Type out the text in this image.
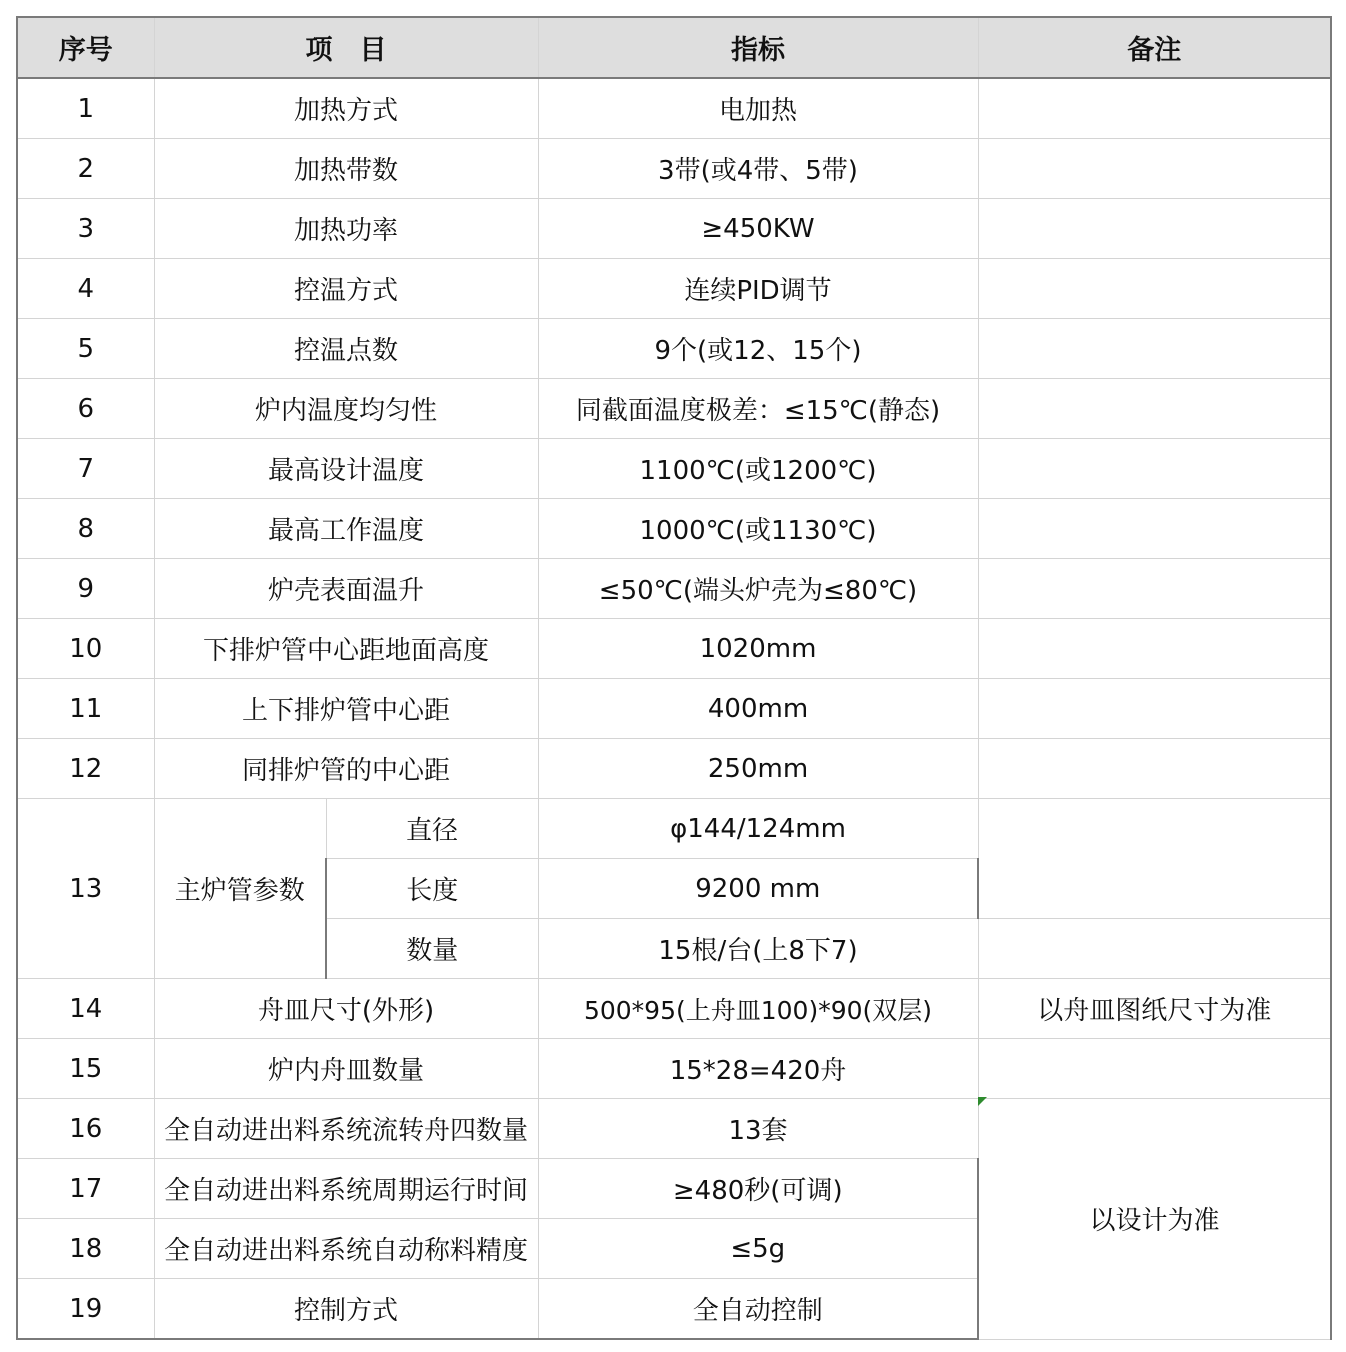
序号	项　目		指标	备注
1	加热方式		电加热	
2	加热带数		3带(或4带、5带)	
3	加热功率		≥450KW	
4	控温方式		连续PID调节	
5	控温点数		9个(或12、15个)	
6	炉内温度均匀性		同截面温度极差：≤15℃(静态)	
7	最高设计温度		1100℃(或1200℃)	
8	最高工作温度		1000℃(或1130℃)	
9	炉壳表面温升		≤50℃(端头炉壳为≤80℃)	
10	下排炉管中心距地面高度		1020mm	
11	上下排炉管中心距		400mm	
12	同排炉管的中心距		250mm	
13	主炉管参数	直径	φ144/124mm	
		长度	9200 mm	
		数量	15根/台(上8下7)	
14	舟皿尺寸(外形)		500*95(上舟皿100)*90(双层)	以舟皿图纸尺寸为准
15	炉内舟皿数量		15*28=420舟	
16	全自动进出料系统流转舟四数量		13套	以设计为准
17	全自动进出料系统周期运行时间		≥480秒(可调)	
18	全自动进出料系统自动称料精度		≤5g	
19	控制方式		全自动控制	
